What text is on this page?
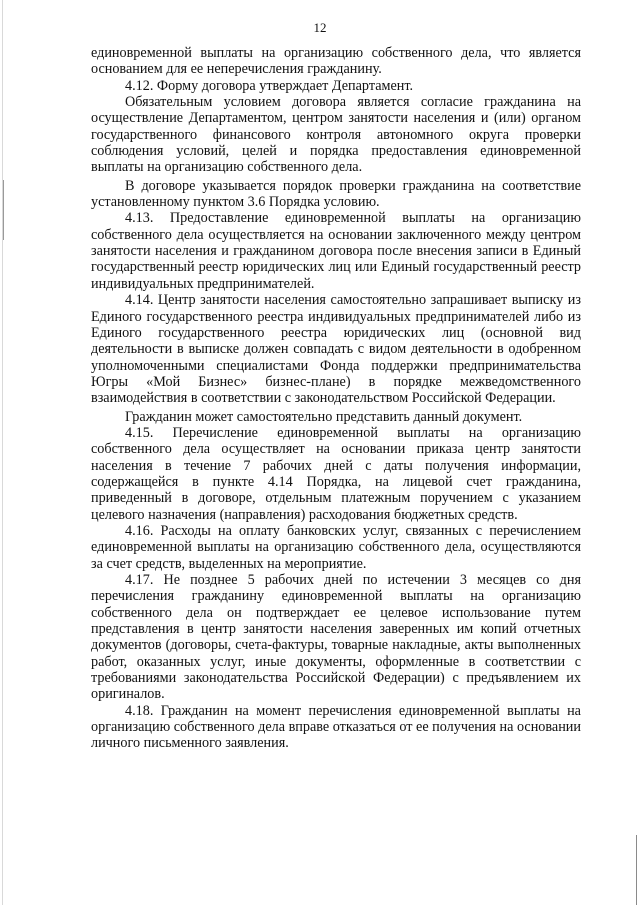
12

единовременной выплаты на организацию собственного дела, что является основанием для ее неперечисления гражданину.

4.12. Форму договора утверждает Департамент.

Обязательным условием договора является согласие гражданина на осуществление Департаментом, центром занятости населения и (или) органом государственного финансового контроля автономного округа проверки соблюдения условий, целей и порядка предоставления единовременной выплаты на организацию собственного дела.

В договоре указывается порядок проверки гражданина на соответствие установленному пунктом 3.6 Порядка условию.

4.13. Предоставление единовременной выплаты на организацию собственного дела осуществляется на основании заключенного между центром занятости населения и гражданином договора после внесения записи в Единый государственный реестр юридических лиц или Единый государственный реестр индивидуальных предпринимателей.

4.14. Центр занятости населения самостоятельно запрашивает выписку из Единого государственного реестра индивидуальных предпринимателей либо из Единого государственного реестра юридических лиц (основной вид деятельности в выписке должен совпадать с видом деятельности в одобренном уполномоченными специалистами Фонда поддержки предпринимательства Югры «Мой Бизнес» бизнес-плане) в порядке межведомственного взаимодействия в соответствии с законодательством Российской Федерации.

Гражданин может самостоятельно представить данный документ.

4.15. Перечисление единовременной выплаты на организацию собственного дела осуществляет на основании приказа центр занятости населения в течение 7 рабочих дней с даты получения информации, содержащейся в пункте 4.14 Порядка, на лицевой счет гражданина, приведенный в договоре, отдельным платежным поручением с указанием целевого назначения (направления) расходования бюджетных средств.

4.16. Расходы на оплату банковских услуг, связанных с перечислением единовременной выплаты на организацию собственного дела, осуществляются за счет средств, выделенных на мероприятие.

4.17. Не позднее 5 рабочих дней по истечении 3 месяцев со дня перечисления гражданину единовременной выплаты на организацию собственного дела он подтверждает ее целевое использование путем представления в центр занятости населения заверенных им копий отчетных документов (договоры, счета-фактуры, товарные накладные, акты выполненных работ, оказанных услуг, иные документы, оформленные в соответствии с требованиями законодательства Российской Федерации) с предъявлением их оригиналов.

4.18. Гражданин на момент перечисления единовременной выплаты на организацию собственного дела вправе отказаться от ее получения на основании личного письменного заявления.
